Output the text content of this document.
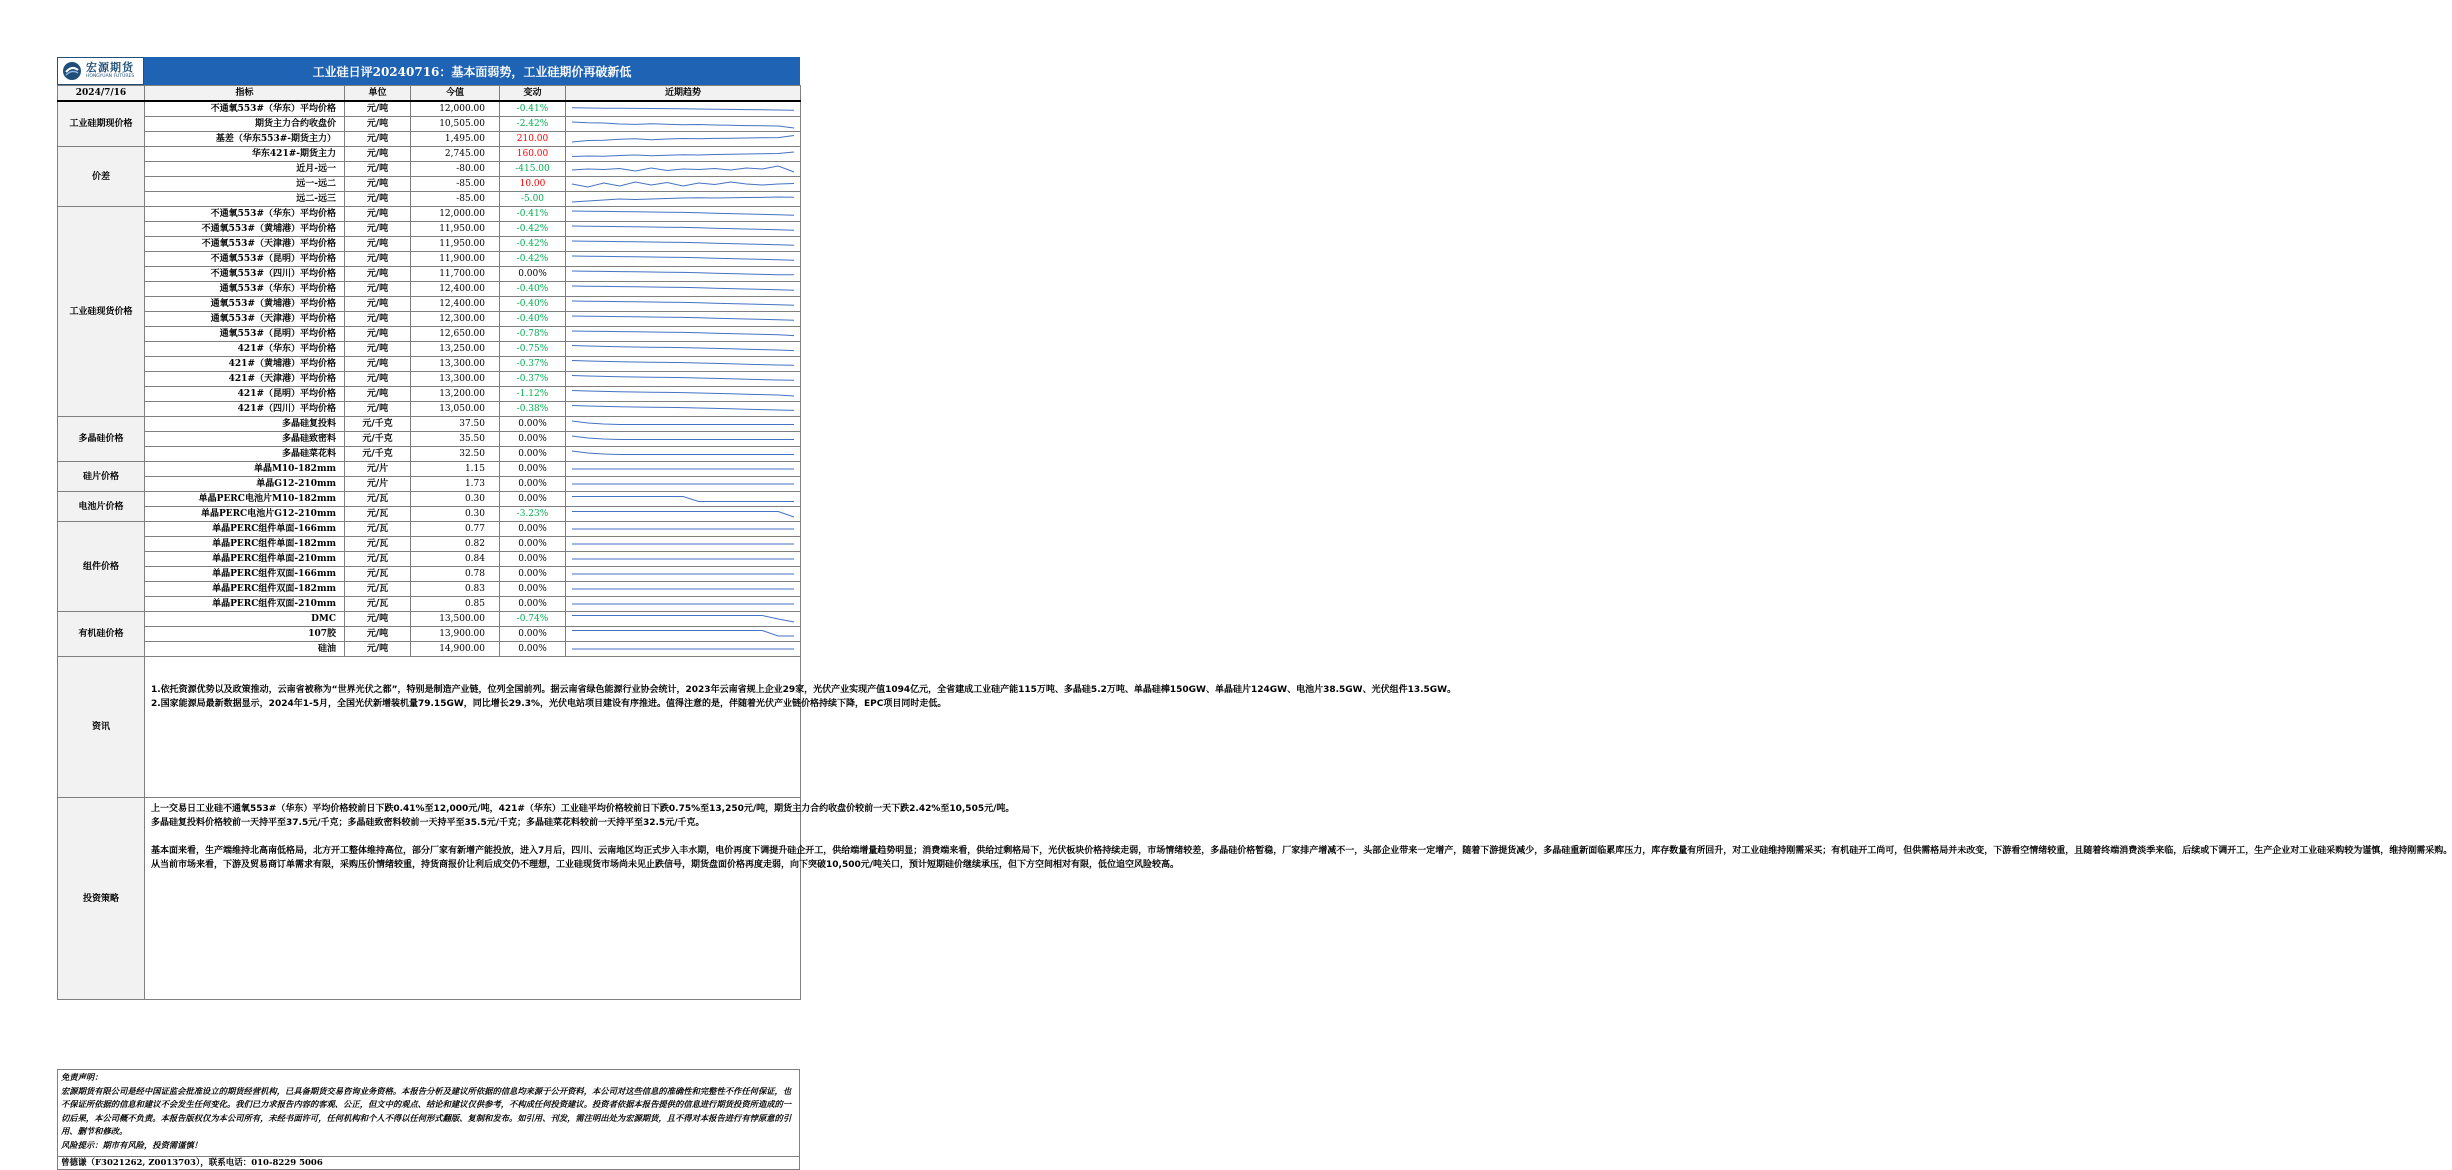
宏源期货
HONGYUAN FUTURES	工业硅日评20240716：基本面弱势，工业硅期价再破新低
2024/7/16	指标	单位	今值	变动	近期趋势
工业硅期现价格	不通氧553#（华东）平均价格	元/吨	12,000.00	-0.41%	

	期货主力合约收盘价	元/吨	10,505.00	-2.42%	

	基差（华东553#-期货主力）	元/吨	1,495.00	210.00	

价差	华东421#-期货主力	元/吨	2,745.00	160.00	

	近月-远一	元/吨	-80.00	-415.00	

	远一-远二	元/吨	-85.00	10.00	

	远二-远三	元/吨	-85.00	-5.00	

工业硅现货价格	不通氧553#（华东）平均价格	元/吨	12,000.00	-0.41%	

	不通氧553#（黄埔港）平均价格	元/吨	11,950.00	-0.42%	

	不通氧553#（天津港）平均价格	元/吨	11,950.00	-0.42%	

	不通氧553#（昆明）平均价格	元/吨	11,900.00	-0.42%	

	不通氧553#（四川）平均价格	元/吨	11,700.00	0.00%	

	通氧553#（华东）平均价格	元/吨	12,400.00	-0.40%	

	通氧553#（黄埔港）平均价格	元/吨	12,400.00	-0.40%	

	通氧553#（天津港）平均价格	元/吨	12,300.00	-0.40%	

	通氧553#（昆明）平均价格	元/吨	12,650.00	-0.78%	

	421#（华东）平均价格	元/吨	13,250.00	-0.75%	

	421#（黄埔港）平均价格	元/吨	13,300.00	-0.37%	

	421#（天津港）平均价格	元/吨	13,300.00	-0.37%	

	421#（昆明）平均价格	元/吨	13,200.00	-1.12%	

	421#（四川）平均价格	元/吨	13,050.00	-0.38%	

多晶硅价格	多晶硅复投料	元/千克	37.50	0.00%	

	多晶硅致密料	元/千克	35.50	0.00%	

	多晶硅菜花料	元/千克	32.50	0.00%	

硅片价格	单晶M10-182mm	元/片	1.15	0.00%	

	单晶G12-210mm	元/片	1.73	0.00%	

电池片价格	单晶PERC电池片M10-182mm	元/瓦	0.30	0.00%	

	单晶PERC电池片G12-210mm	元/瓦	0.30	-3.23%	

组件价格	单晶PERC组件单面-166mm	元/瓦	0.77	0.00%	

	单晶PERC组件单面-182mm	元/瓦	0.82	0.00%	

	单晶PERC组件单面-210mm	元/瓦	0.84	0.00%	

	单晶PERC组件双面-166mm	元/瓦	0.78	0.00%	

	单晶PERC组件双面-182mm	元/瓦	0.83	0.00%	

	单晶PERC组件双面-210mm	元/瓦	0.85	0.00%	

有机硅价格	DMC	元/吨	13,500.00	-0.74%	

	107胶	元/吨	13,900.00	0.00%	

	硅油	元/吨	14,900.00	0.00%	

资讯	1.依托资源优势以及政策推动，云南省被称为“世界光伏之都”，特别是制造产业链，位列全国前列。据云南省绿色能源行业协会统计，2023年云南省规上企业29家，光伏产业实现产值1094亿元，全省建成工业硅产能115万吨、多晶硅5.2万吨、单晶硅棒150GW、单晶硅片124GW、电池片38.5GW、光伏组件13.5GW。
2.国家能源局最新数据显示，2024年1-5月，全国光伏新增装机量79.15GW，同比增长29.3%，光伏电站项目建设有序推进。值得注意的是，伴随着光伏产业链价格持续下降，EPC项目同时走低。				

投资策略	上一交易日工业硅不通氧553#（华东）平均价格较前日下跌0.41%至12,000元/吨，421#（华东）工业硅平均价格较前日下跌0.75%至13,250元/吨，期货主力合约收盘价较前一天下跌2.42%至10,505元/吨。
多晶硅复投料价格较前一天持平至37.5元/千克；多晶硅致密料较前一天持平至35.5元/千克；多晶硅菜花料较前一天持平至32.5元/千克。
基本面来看，生产端维持北高南低格局，北方开工整体维持高位，部分厂家有新增产能投放，进入7月后，四川、云南地区均正式步入丰水期，电价再度下调提升硅企开工，供给端增量趋势明显；消费端来看，供给过剩格局下，光伏板块价格持续走弱，市场情绪较差，多晶硅价格暂稳，厂家排产增减不一，头部企业带来一定增产，随着下游提货减少，多晶硅重新面临累库压力，库存数量有所回升，对工业硅维持刚需采买；有机硅开工尚可，但供需格局并未改变，下游看空情绪较重，且随着终端消费淡季来临，后续或下调开工，生产企业对工业硅采购较为谨慎，维持刚需采购。
从当前市场来看，下游及贸易商订单需求有限，采购压价情绪较重，持货商报价让利后成交仍不理想，工业硅现货市场尚未见止跌信号，期货盘面价格再度走弱，向下突破10,500元/吨关口，预计短期硅价继续承压，但下方空间相对有限，低位追空风险较高。				
免责声明：
宏源期货有限公司是经中国证监会批准设立的期货经营机构，已具备期货交易咨询业务资格。本报告分析及建议所依据的信息均来源于公开资料，本公司对这些信息的准确性和完整性不作任何保证，也不保证所依据的信息和建议不会发生任何变化。我们已力求报告内容的客观、公正，但文中的观点、结论和建议仅供参考，不构成任何投资建议。投资者依据本报告提供的信息进行期货投资所造成的一切后果，本公司概不负责。本报告版权仅为本公司所有，未经书面许可，任何机构和个人不得以任何形式翻版、复制和发布。如引用、刊发，需注明出处为宏源期货，且不得对本报告进行有悖原意的引用、删节和修改。
风险提示：期市有风险，投资需谨慎！
曾德谦（F3021262, Z0013703），联系电话：010-8229 5006
